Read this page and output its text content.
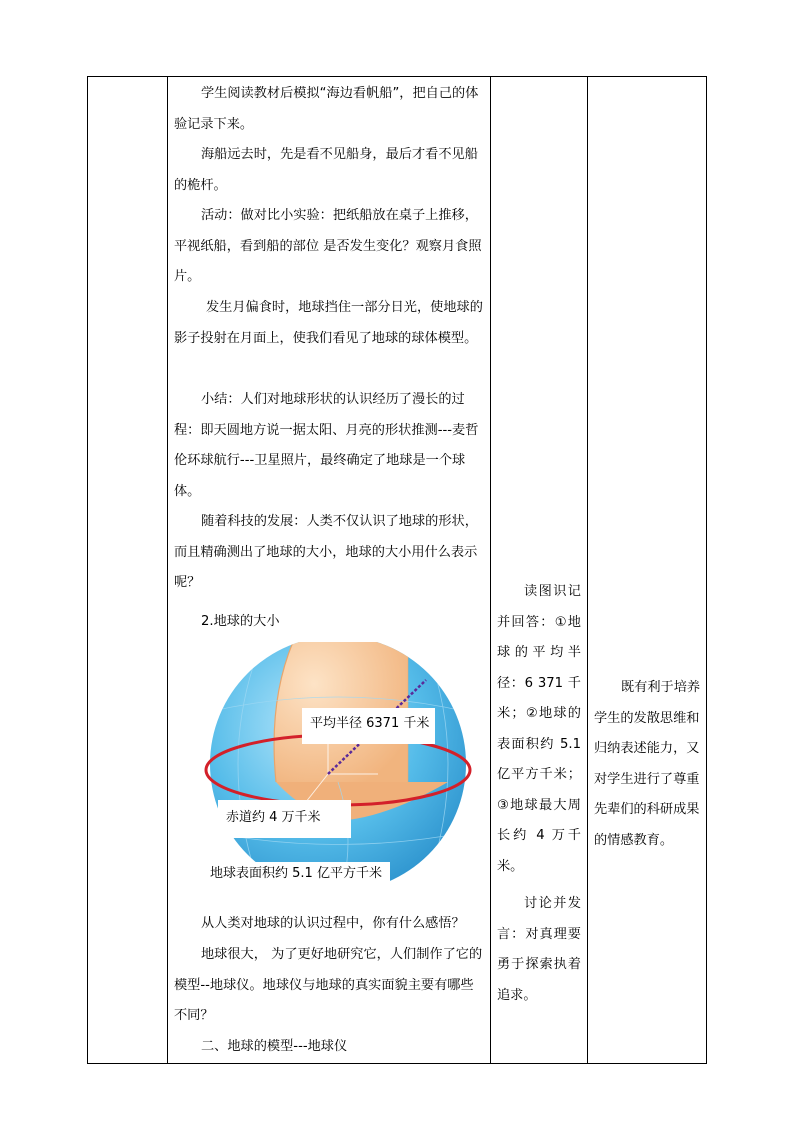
学生阅读教材后模拟“海边看帆船”，把自己的体验记录下来。
海船远去时，先是看不见船身，最后才看不见船的桅杆。
活动：做对比小实验：把纸船放在桌子上推移，平视纸船，看到船的部位 是否发生变化？观察月食照片。
发生月偏食时，地球挡住一部分日光，使地球的影子投射在月面上，使我们看见了地球的球体模型。
小结：人们对地球形状的认识经历了漫长的过程：即天圆地方说一据太阳、月亮的形状推测---麦哲伦环球航行---卫星照片，最终确定了地球是一个球体。
随着科技的发展：人类不仅认识了地球的形状，而且精确测出了地球的大小，地球的大小用什么表示呢？
2.地球的大小
平均半径 6371 千米
赤道约 4 万千米
地球表面积约 5.1 亿平方千米
从人类对地球的认识过程中，你有什么感悟？
地球很大， 为了更好地研究它，人们制作了它的模型--地球仪。地球仪与地球的真实面貌主要有哪些不同？
二、地球的模型---地球仪
读图识记并回答：①地球的平均半径：6 371 千米；②地球的表面积约 5.1 亿平方千米；③地球最大周长约 4 万千米。
讨论并发言：对真理要勇于探索执着追求。
既有利于培养学生的发散思维和归纳表述能力，又对学生进行了尊重先辈们的科研成果的情感教育。
